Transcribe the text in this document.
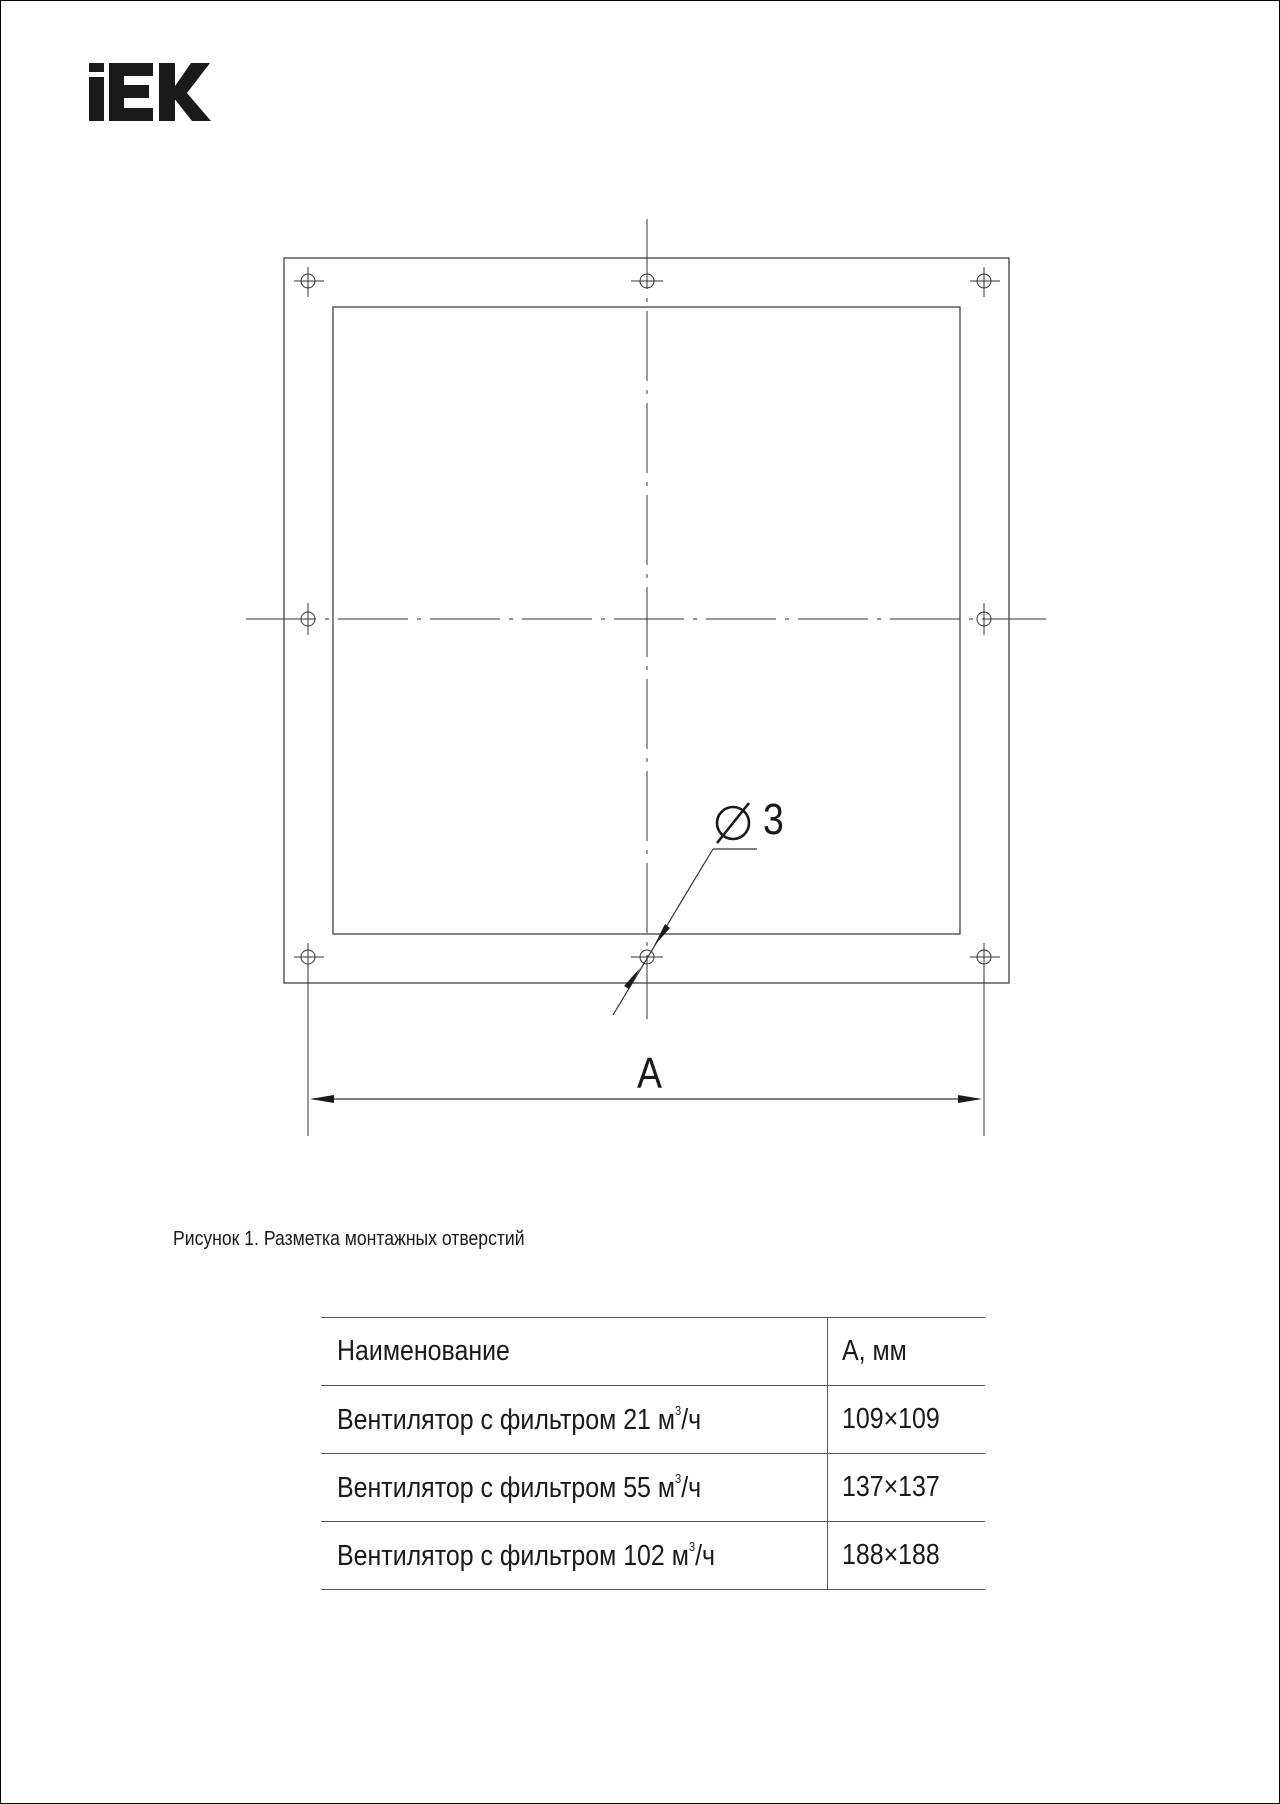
3
A
Рисунок 1. Разметка монтажных отверстий
Наименование	А, мм
Вентилятор с фильтром 21 $м^3/ч$	109×109
Вентилятор с фильтром 55 $м^3/ч$	137×137
Вентилятор с фильтром 102 $м^3/ч$	188×188
